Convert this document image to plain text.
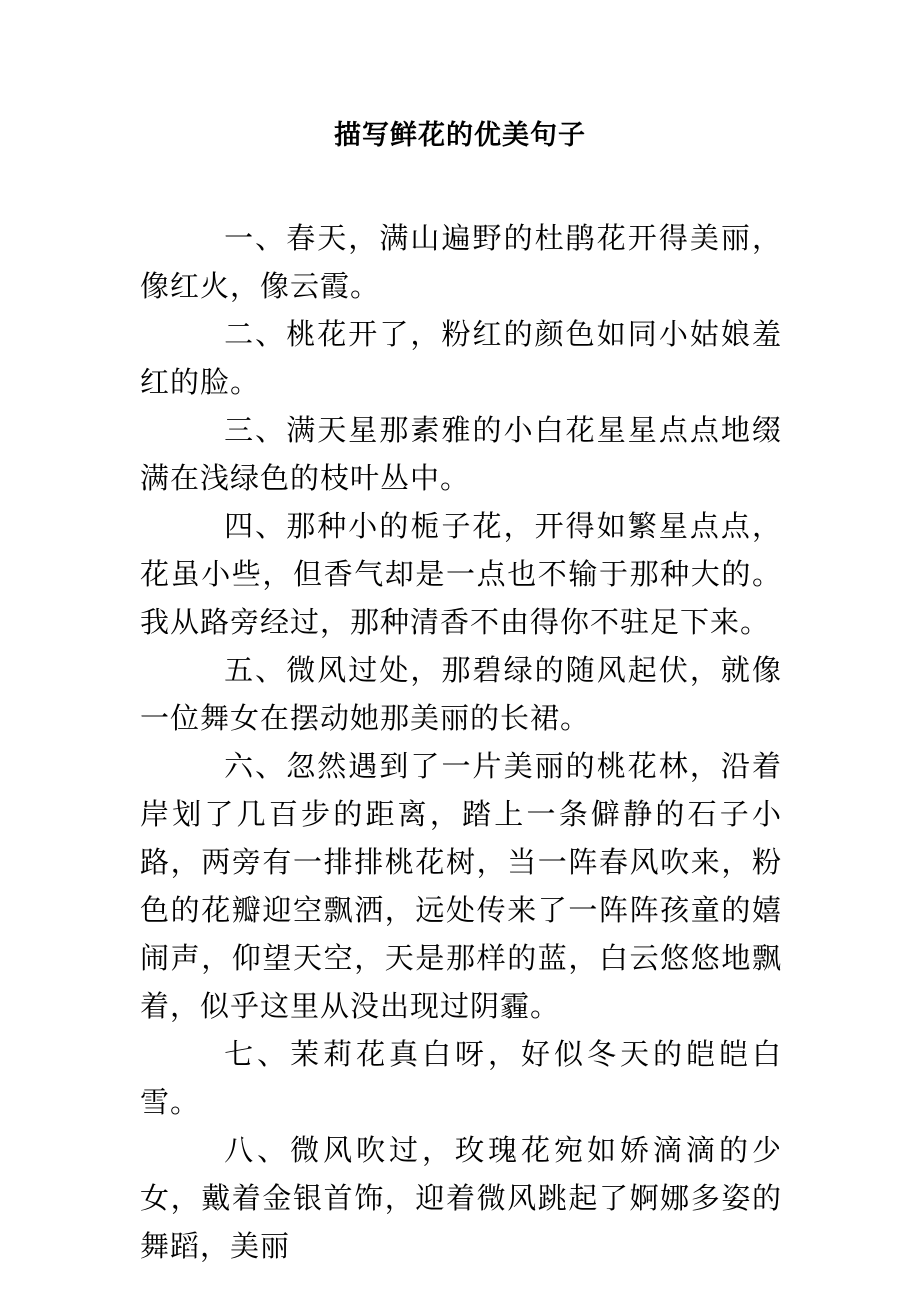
描写鲜花的优美句子

一、春天，满山遍野的杜鹃花开得美丽，像红火，像云霞。

二、桃花开了，粉红的颜色如同小姑娘羞红的脸。

三、满天星那素雅的小白花星星点点地缀满在浅绿色的枝叶丛中。

四、那种小的栀子花，开得如繁星点点，花虽小些，但香气却是一点也不输于那种大的。我从路旁经过，那种清香不由得你不驻足下来。

五、微风过处，那碧绿的随风起伏，就像一位舞女在摆动她那美丽的长裙。

六、忽然遇到了一片美丽的桃花林，沿着岸划了几百步的距离，踏上一条僻静的石子小路，两旁有一排排桃花树，当一阵春风吹来，粉色的花瓣迎空飘洒，远处传来了一阵阵孩童的嬉闹声，仰望天空，天是那样的蓝，白云悠悠地飘着，似乎这里从没出现过阴霾。

七、茉莉花真白呀，好似冬天的皑皑白雪。

八、微风吹过，玫瑰花宛如娇滴滴的少女，戴着金银首饰，迎着微风跳起了婀娜多姿的舞蹈，美丽
